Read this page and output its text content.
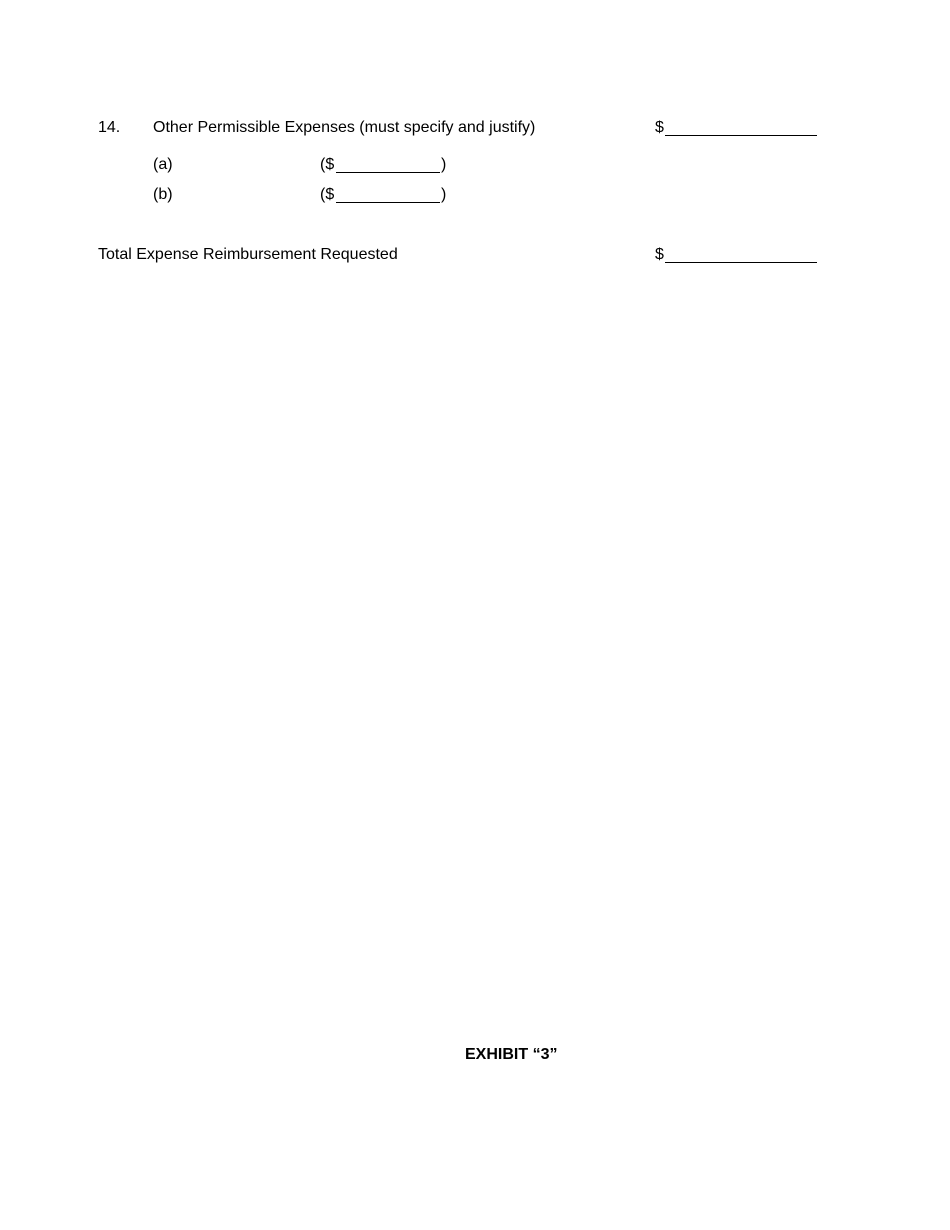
14. Other Permissible Expenses (must specify and justify)	$
(a)	($	)
(b)	($	)
Total Expense Reimbursement Requested	$
EXHIBIT “3”
